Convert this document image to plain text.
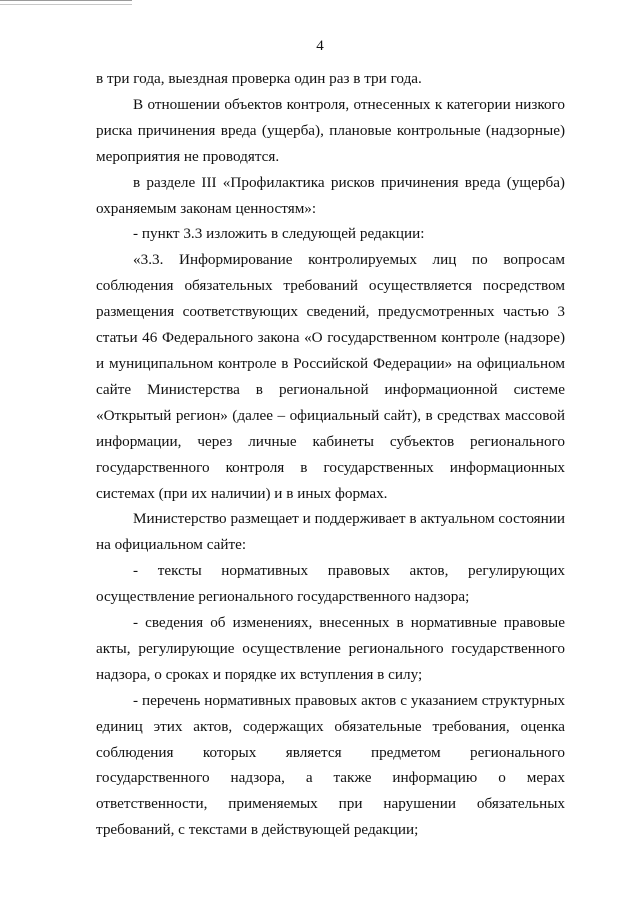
4

в три года, выездная проверка один раз в три года.

В отношении объектов контроля, отнесенных к категории низкого риска причинения вреда (ущерба), плановые контрольные (надзорные) мероприятия не проводятся.

в разделе III «Профилактика рисков причинения вреда (ущерба) охраняемым законам ценностям»:

- пункт 3.3 изложить в следующей редакции:

«3.3. Информирование контролируемых лиц по вопросам соблюдения обязательных требований осуществляется посредством размещения соответствующих сведений, предусмотренных частью 3 статьи 46 Федерального закона «О государственном контроле (надзоре) и муниципальном контроле в Российской Федерации» на официальном сайте Министерства в региональной информационной системе «Открытый регион» (далее – официальный сайт), в средствах массовой информации, через личные кабинеты субъектов регионального государственного контроля в государственных информационных системах (при их наличии) и в иных формах.

Министерство размещает и поддерживает в актуальном состоянии на официальном сайте:

- тексты нормативных правовых актов, регулирующих осуществление регионального государственного надзора;

- сведения об изменениях, внесенных в нормативные правовые акты, регулирующие осуществление регионального государственного надзора, о сроках и порядке их вступления в силу;

- перечень нормативных правовых актов с указанием структурных единиц этих актов, содержащих обязательные требования, оценка соблюдения которых является предметом регионального государственного надзора, а также информацию о мерах ответственности, применяемых при нарушении обязательных требований, с текстами в действующей редакции;
